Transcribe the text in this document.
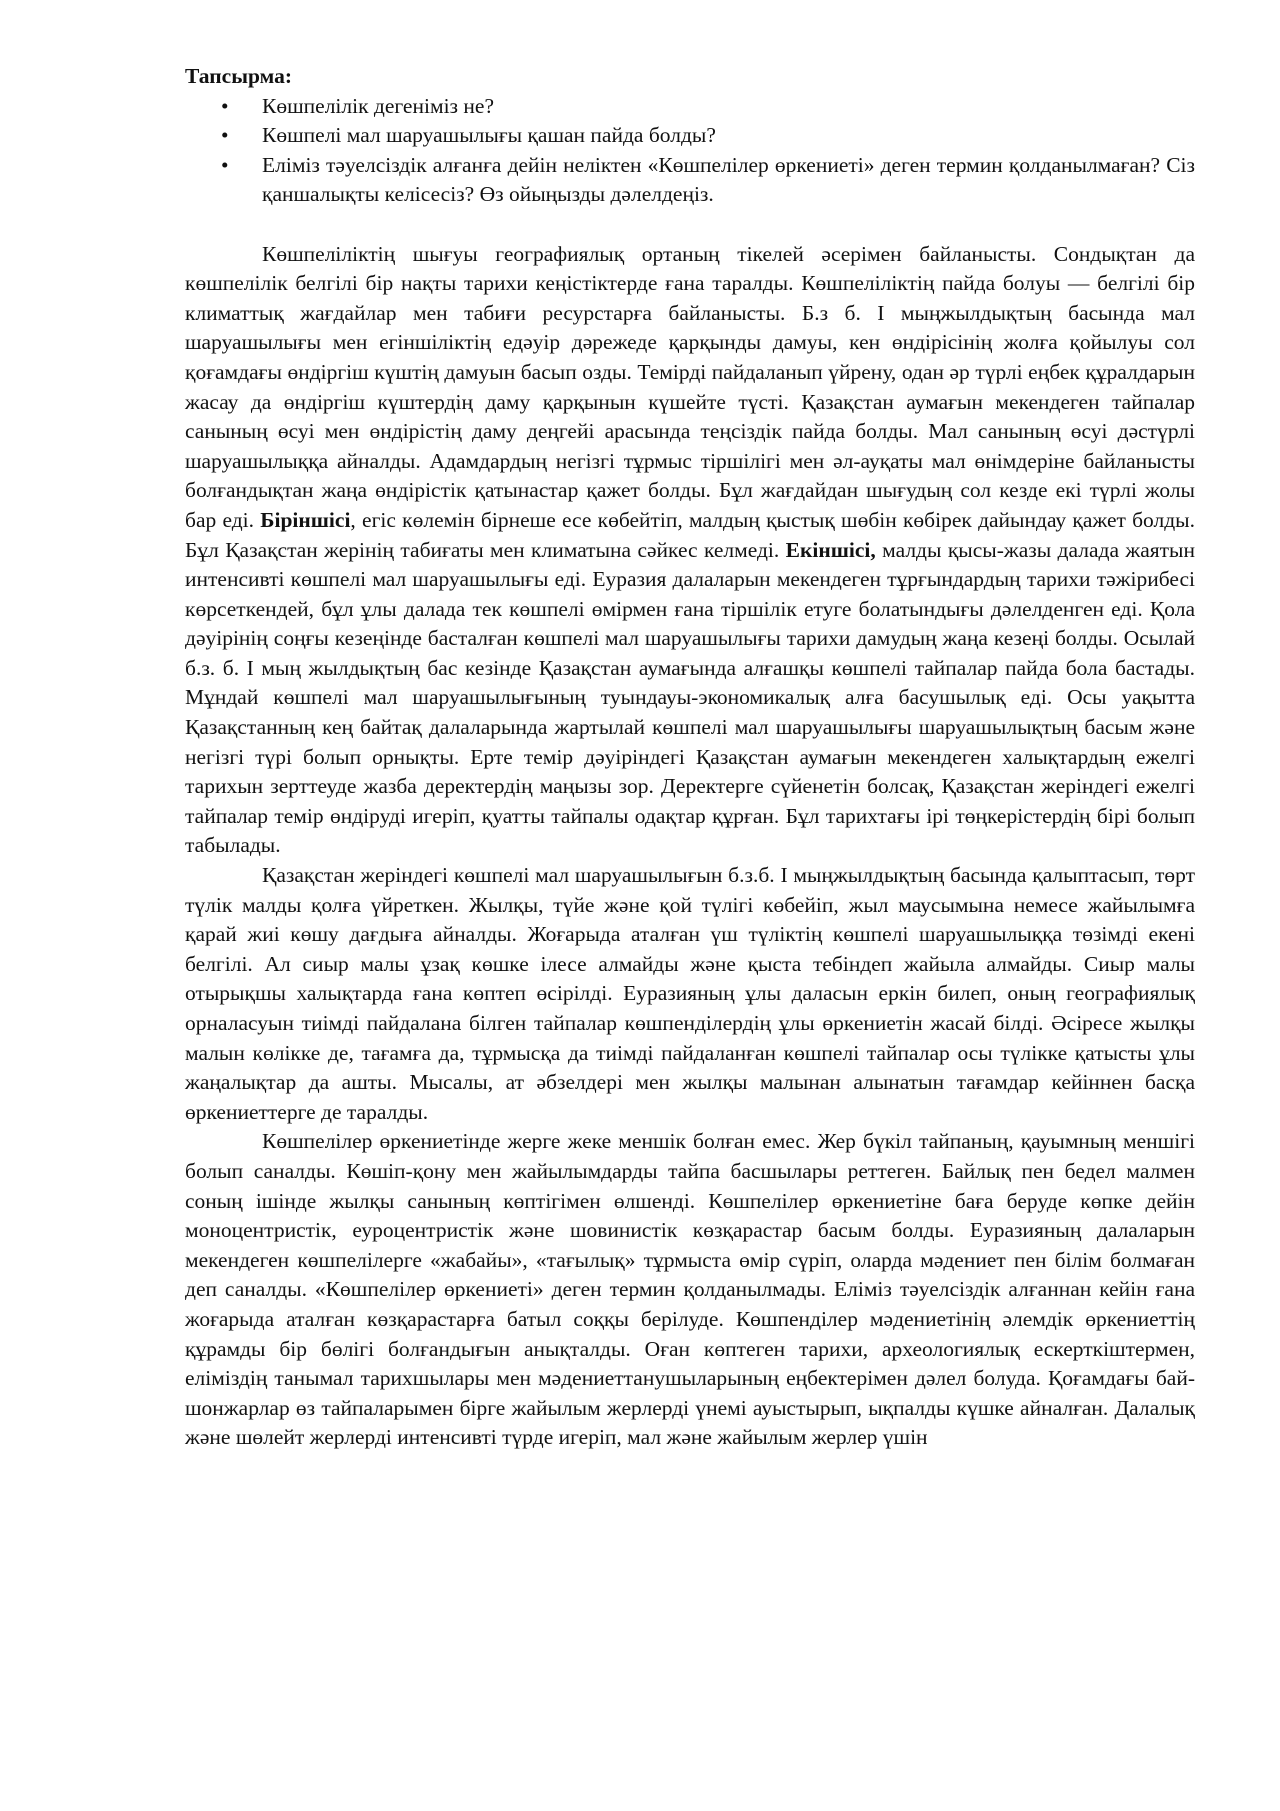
Тапсырма:
• Көшпелілік дегеніміз не?
• Көшпелі мал шаруашылығы қашан пайда болды?
• Еліміз тәуелсіздік алғанға дейін неліктен «Көшпелілер өркениеті» деген термин қолданылмаған? Сіз қаншалықты келісесіз? Өз ойыңызды дәлелдеңіз.

Көшпеліліктің шығуы географиялық ортаның тікелей әсерімен байланысты. Сондықтан да көшпелілік белгілі бір нақты тарихи кеңістіктерде ғана таралды. Көшпеліліктің пайда болуы — белгілі бір климаттық жағдайлар мен табиғи ресурстарға байланысты. Б.з б. І мыңжылдықтың басында мал шаруашылығы мен егіншіліктің едәуір дәрежеде қарқынды дамуы, кен өндірісінің жолға қойылуы сол қоғамдағы өндіргіш күштің дамуын басып озды. Темірді пайдаланып үйрену, одан әр түрлі еңбек құралдарын жасау да өндіргіш күштердің даму қарқынын күшейте түсті. Қазақстан аумағын мекендеген тайпалар санының өсуі мен өндірістің даму деңгейі арасында теңсіздік пайда болды. Мал санының өсуі дәстүрлі шаруашылыққа айналды. Адамдардың негізгі тұрмыс тіршілігі мен әл-ауқаты мал өнімдеріне байланысты болғандықтан жаңа өндірістік қатынастар қажет болды. Бұл жағдайдан шығудың сол кезде екі түрлі жолы бар еді. Біріншісі, егіс көлемін бірнеше есе көбейтіп, малдың қыстық шөбін көбірек дайындау қажет болды. Бұл Қазақстан жерінің табиғаты мен климатына сәйкес келмеді. Екіншісі, малды қысы-жазы далада жаятын интенсивті көшпелі мал шаруашылығы еді. Еуразия далаларын мекендеген тұрғындардың тарихи тәжірибесі көрсеткендей, бұл ұлы далада тек көшпелі өмірмен ғана тіршілік етуге болатындығы дәлелденген еді. Қола дәуірінің соңғы кезеңінде басталған көшпелі мал шаруашылығы тарихи дамудың жаңа кезеңі болды. Осылай б.з. б. І мың жылдықтың бас кезінде Қазақстан аумағында алғашқы көшпелі тайпалар пайда бола бастады. Мұндай көшпелі мал шаруашылығының туындауы-экономикалық алға басушылық еді. Осы уақытта Қазақстанның кең байтақ далаларында жартылай көшпелі мал шаруашылығы шаруашылықтың басым және негізгі түрі болып орнықты. Ерте темір дәуіріндегі Қазақстан аумағын мекендеген халықтардың ежелгі тарихын зерттеуде жазба деректердің маңызы зор. Деректерге сүйенетін болсақ, Қазақстан жеріндегі ежелгі тайпалар темір өндіруді игеріп, қуатты тайпалы одақтар құрған. Бұл тарихтағы ірі төңкерістердің бірі болып табылады.

Қазақстан жеріндегі көшпелі мал шаруашылығын б.з.б. І мыңжылдықтың басында қалыптасып, төрт түлік малды қолға үйреткен. Жылқы, түйе және қой түлігі көбейіп, жыл маусымына немесе жайылымға қарай жиі көшу дағдыға айналды. Жоғарыда аталған үш түліктің көшпелі шаруашылыққа төзімді екені белгілі. Ал сиыр малы ұзақ көшке ілесе алмайды және қыста тебіндеп жайыла алмайды. Сиыр малы отырықшы халықтарда ғана көптеп өсірілді. Еуразияның ұлы даласын еркін билеп, оның географиялық орналасуын тиімді пайдалана білген тайпалар көшпенділердің ұлы өркениетін жасай білді. Әсіресе жылқы малын көлікке де, тағамға да, тұрмысқа да тиімді пайдаланған көшпелі тайпалар осы түлікке қатысты ұлы жаңалықтар да ашты. Мысалы, ат әбзелдері мен жылқы малынан алынатын тағамдар кейіннен басқа өркениеттерге де таралды.

Көшпелілер өркениетінде жерге жеке меншік болған емес. Жер бүкіл тайпаның, қауымның меншігі болып саналды. Көшіп-қону мен жайылымдарды тайпа басшылары реттеген. Байлық пен бедел малмен соның ішінде жылқы санының көптігімен өлшенді. Көшпелілер өркениетіне баға беруде көпке дейін моноцентристік, еуроцентристік және шовинистік көзқарастар басым болды. Еуразияның далаларын мекендеген көшпелілерге «жабайы», «тағылық» тұрмыста өмір сүріп, оларда мәдениет пен білім болмаған деп саналды. «Көшпелілер өркениеті» деген термин қолданылмады. Еліміз тәуелсіздік алғаннан кейін ғана жоғарыда аталған көзқарастарға батыл соққы берілуде. Көшпенділер мәдениетінің әлемдік өркениеттің құрамды бір бөлігі болғандығын анықталды. Оған көптеген тарихи, археологиялық ескерткіштермен, еліміздің танымал тарихшылары мен мәдениеттанушыларының еңбектерімен дәлел болуда. Қоғамдағы бай-шонжарлар өз тайпаларымен бірге жайылым жерлерді үнемі ауыстырып, ықпалды күшке айналған. Далалық және шөлейт жерлерді интенсивті түрде игеріп, мал және жайылым жерлер үшін
